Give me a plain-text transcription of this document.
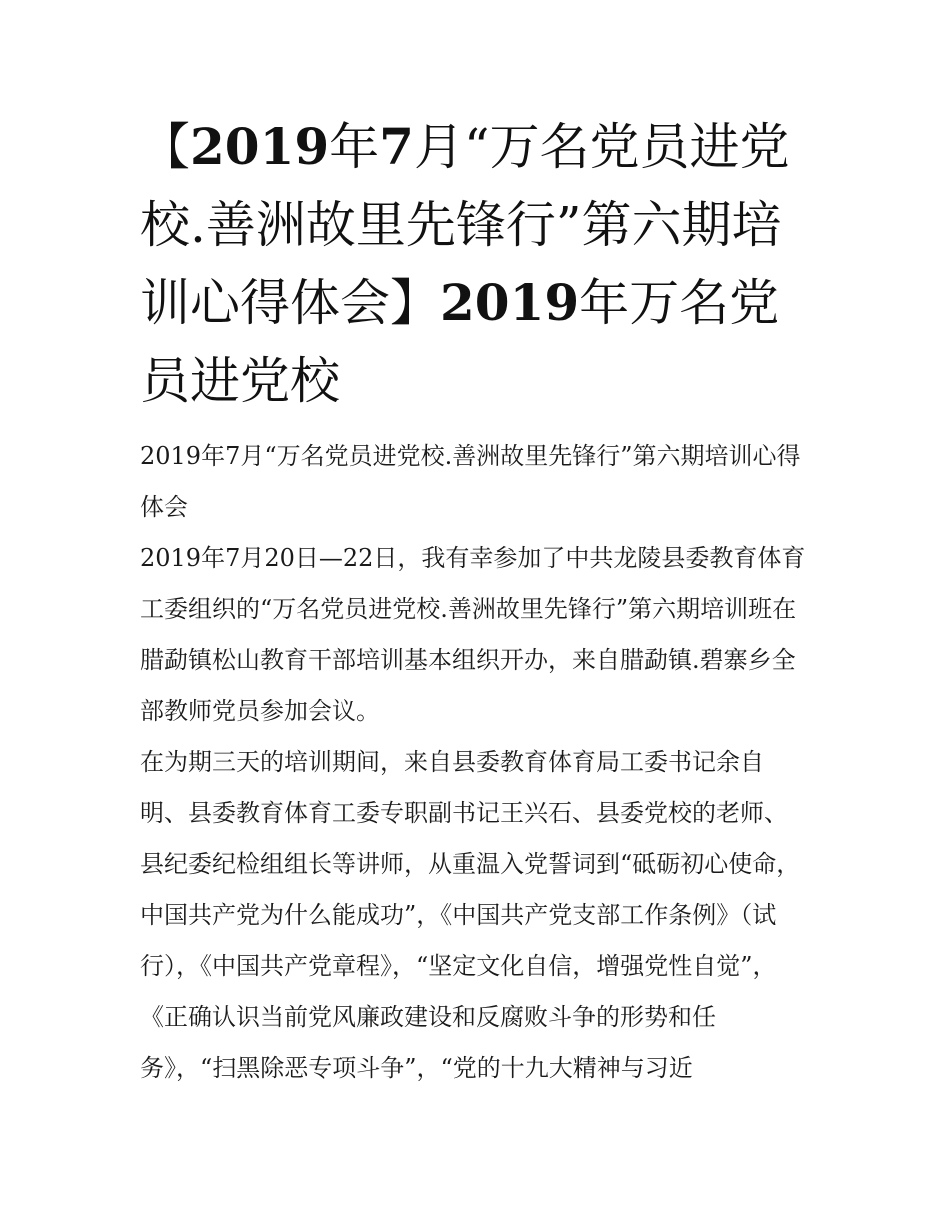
【2019年7月“万名党员进党校.善洲故里先锋行”第六期培训心得体会】2019年万名党员进党校

2019年7月“万名党员进党校.善洲故里先锋行”第六期培训心得体会

2019年7月20日—22日，我有幸参加了中共龙陵县委教育体育工委组织的“万名党员进党校.善洲故里先锋行”第六期培训班在腊勐镇松山教育干部培训基本组织开办，来自腊勐镇.碧寨乡全部教师党员参加会议。

在为期三天的培训期间，来自县委教育体育局工委书记余自明、县委教育体育工委专职副书记王兴石、县委党校的老师、县纪委纪检组组长等讲师，从重温入党誓词到“砥砺初心使命，中国共产党为什么能成功”，《中国共产党支部工作条例》（试行），《中国共产党章程》，“坚定文化自信，增强党性自觉”，《正确认识当前党风廉政建设和反腐败斗争的形势和任务》，“扫黑除恶专项斗争”，“党的十九大精神与习近
